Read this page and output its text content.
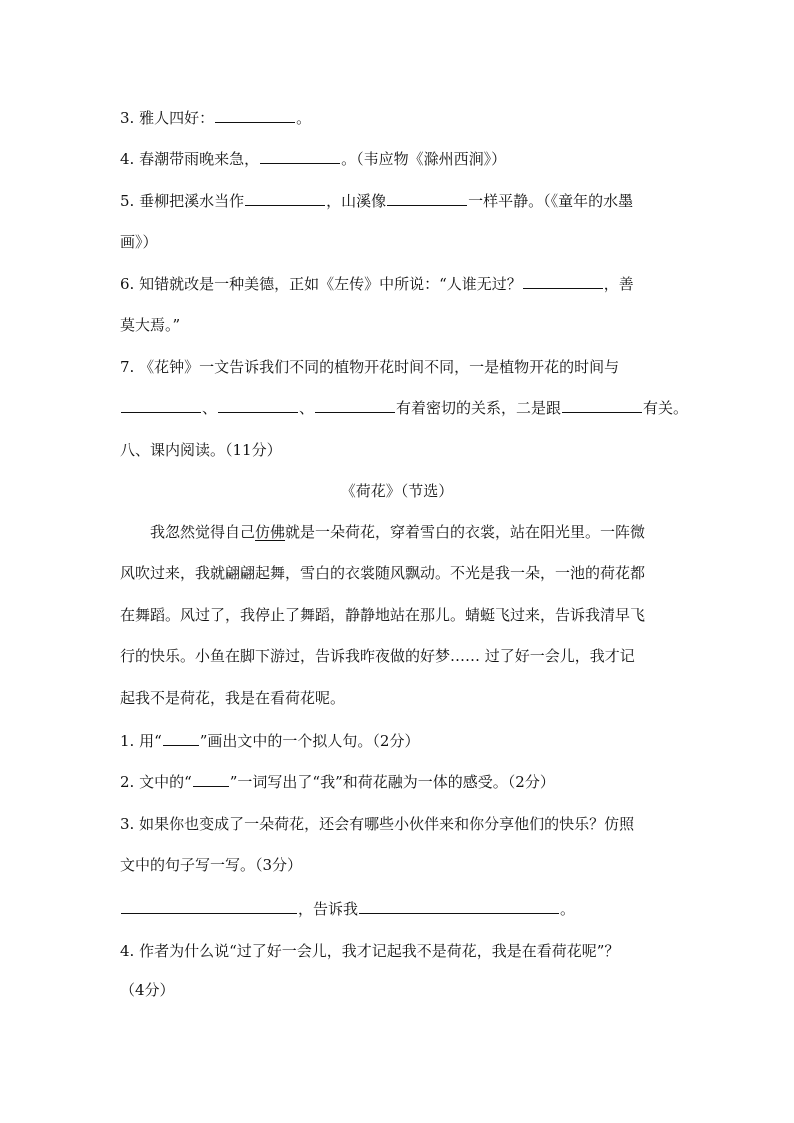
3. 雅人四好：	。
4. 春潮带雨晚来急，	。（韦应物《滁州西涧》）
5. 垂柳把溪水当作	，山溪像	一样平静。（《童年的水墨
画》）
6. 知错就改是一种美德，正如《左传》中所说：“人谁无过？	，善
莫大焉。”
7. 《花钟》一文告诉我们不同的植物开花时间不同，一是植物开花的时间与
、	、	有着密切的关系，二是跟	有关。
八、课内阅读。（11分）
《荷花》（节选）
我忽然觉得自己仿佛就是一朵荷花，穿着雪白的衣裳，站在阳光里。一阵微
风吹过来，我就翩翩起舞，雪白的衣裳随风飘动。不光是我一朵，一池的荷花都
在舞蹈。风过了，我停止了舞蹈，静静地站在那儿。蜻蜓飞过来，告诉我清早飞
行的快乐。小鱼在脚下游过，告诉我昨夜做的好梦…… 过了好一会儿，我才记
起我不是荷花，我是在看荷花呢。
1. 用“	”画出文中的一个拟人句。（2分）
2. 文中的“	”一词写出了“我”和荷花融为一体的感受。（2分）
3. 如果你也变成了一朵荷花，还会有哪些小伙伴来和你分享他们的快乐？仿照
文中的句子写一写。（3分）
，告诉我	。
4. 作者为什么说“过了好一会儿，我才记起我不是荷花，我是在看荷花呢”？
（4分）
